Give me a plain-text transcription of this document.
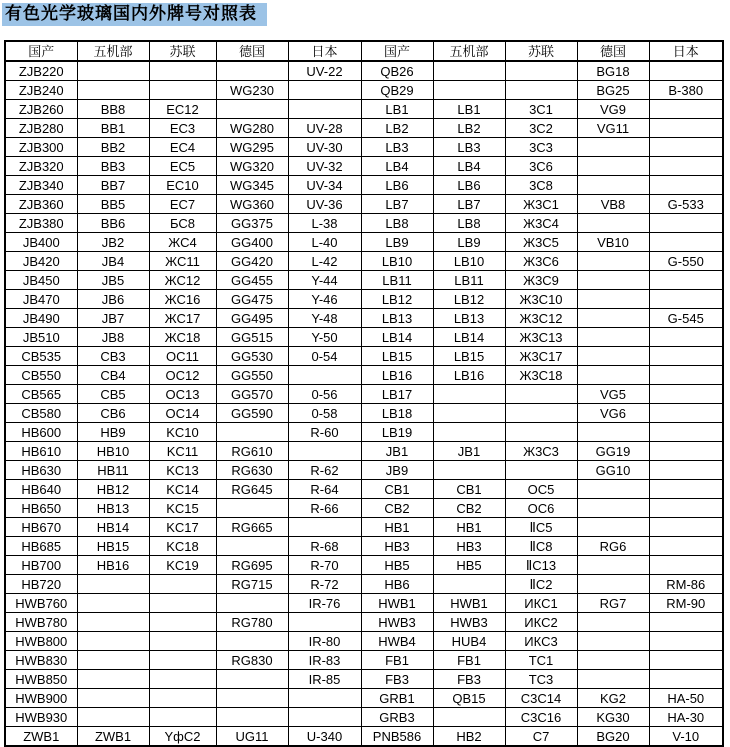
有色光学玻璃国内外牌号对照表
国产	五机部	苏联	德国	日本	国产	五机部	苏联	德国	日本
ZJB220				UV-22	QB26			BG18	
ZJB240			WG230		QB29			BG25	B-380
ZJB260	BB8	EC12			LB1	LB1	3C1	VG9	
ZJB280	BB1	EC3	WG280	UV-28	LB2	LB2	3C2	VG11	
ZJB300	BB2	EC4	WG295	UV-30	LB3	LB3	3C3		
ZJB320	BB3	EC5	WG320	UV-32	LB4	LB4	3C6		
ZJB340	BB7	EC10	WG345	UV-34	LB6	LB6	3C8		
ZJB360	BB5	EC7	WG360	UV-36	LB7	LB7	Ж3C1	VB8	G-533
ZJB380	BB6	БС8	GG375	L-38	LB8	LB8	Ж3C4		
JB400	JB2	ЖС4	GG400	L-40	LB9	LB9	Ж3C5	VB10	
JB420	JB4	ЖС11	GG420	L-42	LB10	LB10	Ж3C6		G-550
JB450	JB5	ЖС12	GG455	Y-44	LB11	LB11	Ж3C9		
JB470	JB6	ЖС16	GG475	Y-46	LB12	LB12	Ж3C10		
JB490	JB7	ЖС17	GG495	Y-48	LB13	LB13	Ж3C12		G-545
JB510	JB8	ЖС18	GG515	Y-50	LB14	LB14	Ж3C13		
CB535	CB3	OC11	GG530	0-54	LB15	LB15	Ж3C17		
CB550	CB4	OC12	GG550		LB16	LB16	Ж3C18		
CB565	CB5	OC13	GG570	0-56	LB17			VG5	
CB580	CB6	OC14	GG590	0-58	LB18			VG6	
HB600	HB9	KC10		R-60	LB19				
HB610	HB10	KC11	RG610		JB1	JB1	Ж3C3	GG19	
HB630	HB11	KC13	RG630	R-62	JB9			GG10	
HB640	HB12	KC14	RG645	R-64	CB1	CB1	OC5		
HB650	HB13	KC15		R-66	CB2	CB2	OC6		
HB670	HB14	KC17	RG665		HB1	HB1	ⅡC5		
HB685	HB15	KC18		R-68	HB3	HB3	ⅡC8	RG6	
HB700	HB16	KC19	RG695	R-70	HB5	HB5	ⅡC13		
HB720			RG715	R-72	HB6		ⅡC2		RM-86
HWB760				IR-76	HWB1	HWB1	ИКС1	RG7	RM-90
HWB780			RG780		HWB3	HWB3	ИКС2		
HWB800				IR-80	HWB4	HUB4	ИКС3		
HWB830			RG830	IR-83	FB1	FB1	TC1		
HWB850				IR-85	FB3	FB3	TC3		
HWB900					GRB1	QB15	C3C14	KG2	HA-50
HWB930					GRB3		C3C16	KG30	HA-30
ZWB1	ZWB1	YфC2	UG11	U-340	PNB586	HB2	C7	BG20	V-10
